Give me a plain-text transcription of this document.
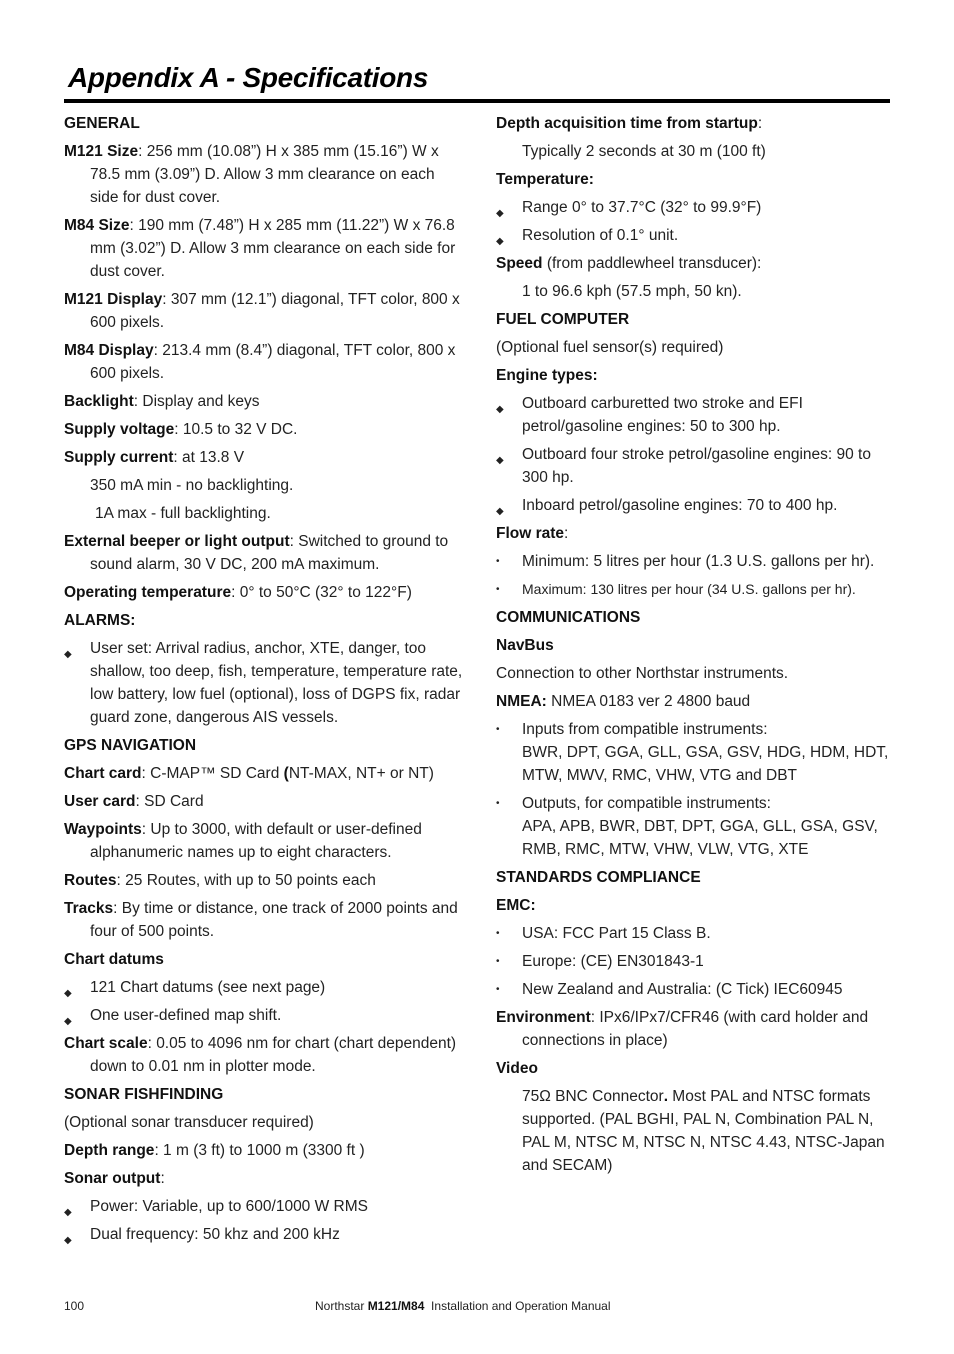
Appendix A - Specifications
GENERAL
M121 Size: 256 mm (10.08”) H x 385 mm (15.16”) W x 78.5 mm (3.09”) D. Allow 3 mm clearance on each side for dust cover.
M84 Size: 190 mm (7.48”) H x 285 mm (11.22”) W x 76.8 mm (3.02”) D. Allow 3 mm clearance on each side for dust cover.
M121 Display: 307 mm (12.1”) diagonal, TFT color, 800 x 600 pixels.
M84 Display: 213.4 mm (8.4”) diagonal, TFT color, 800 x 600 pixels.
Backlight: Display and keys
Supply voltage: 10.5 to 32 V DC.
Supply current: at 13.8 V
350 mA min - no backlighting.
1A max - full backlighting.
External beeper or light output: Switched to ground to sound alarm, 30 V DC, 200 mA maximum.
Operating temperature: 0° to 50°C (32° to 122°F)
ALARMS:
◆	User set: Arrival radius, anchor, XTE, danger, too shallow, too deep, fish, temperature, temperature rate, low battery, low fuel (optional), loss of DGPS fix, radar guard zone, dangerous AIS vessels.
GPS NAVIGATION
Chart card: C-MAP™ SD Card (NT-MAX, NT+ or NT)
User card: SD Card
Waypoints: Up to 3000, with default or user-defined alphanumeric names up to eight characters.
Routes: 25 Routes, with up to 50 points each
Tracks: By time or distance, one track of 2000 points and four of 500 points.
Chart datums
◆	121 Chart datums (see next page)
◆	One user-defined map shift.
Chart scale: 0.05 to 4096 nm for chart (chart dependent) down to 0.01 nm in plotter mode.
SONAR FISHFINDING
(Optional sonar transducer required)
Depth range: 1 m (3 ft) to 1000 m (3300 ft )
Sonar output:
◆	Power: Variable, up to 600/1000 W RMS
◆	Dual frequency: 50 khz and 200 kHz
Depth acquisition time from startup:
Typically 2 seconds at 30 m (100 ft)
Temperature:
◆	Range 0° to 37.7°C (32° to 99.9°F)
◆	Resolution of 0.1° unit.
Speed (from paddlewheel transducer):
1 to 96.6 kph (57.5 mph, 50 kn).
FUEL COMPUTER
(Optional fuel sensor(s) required)
Engine types:
◆	Outboard carburetted two stroke and EFI petrol/gasoline engines: 50 to 300 hp.
◆	Outboard four stroke petrol/gasoline engines: 90 to 300 hp.
◆	Inboard petrol/gasoline engines: 70 to 400 hp.
Flow rate:
•	Minimum: 5 litres per hour (1.3 U.S. gallons per hr).
•	Maximum: 130 litres per hour (34 U.S. gallons per hr).
COMMUNICATIONS
NavBus
Connection to other Northstar instruments.
NMEA: NMEA 0183 ver 2 4800 baud
•	Inputs from compatible instruments:
BWR, DPT, GGA, GLL, GSA, GSV, HDG, HDM, HDT, MTW, MWV, RMC, VHW, VTG and DBT
•	Outputs, for compatible instruments:
APA, APB, BWR, DBT, DPT, GGA, GLL, GSA, GSV, RMB, RMC, MTW, VHW, VLW, VTG, XTE
STANDARDS COMPLIANCE
EMC:
•	USA: FCC Part 15 Class B.
•	Europe: (CE) EN301843-1
•	New Zealand and Australia: (C Tick) IEC60945
Environment: IPx6/IPx7/CFR46 (with card holder and connections in place)
Video
75Ω BNC Connector. Most PAL and NTSC formats supported. (PAL BGHI, PAL N, Combination PAL N, PAL M, NTSC M, NTSC N, NTSC 4.43, NTSC-Japan and SECAM)
100	Northstar M121/M84  Installation and Operation Manual
